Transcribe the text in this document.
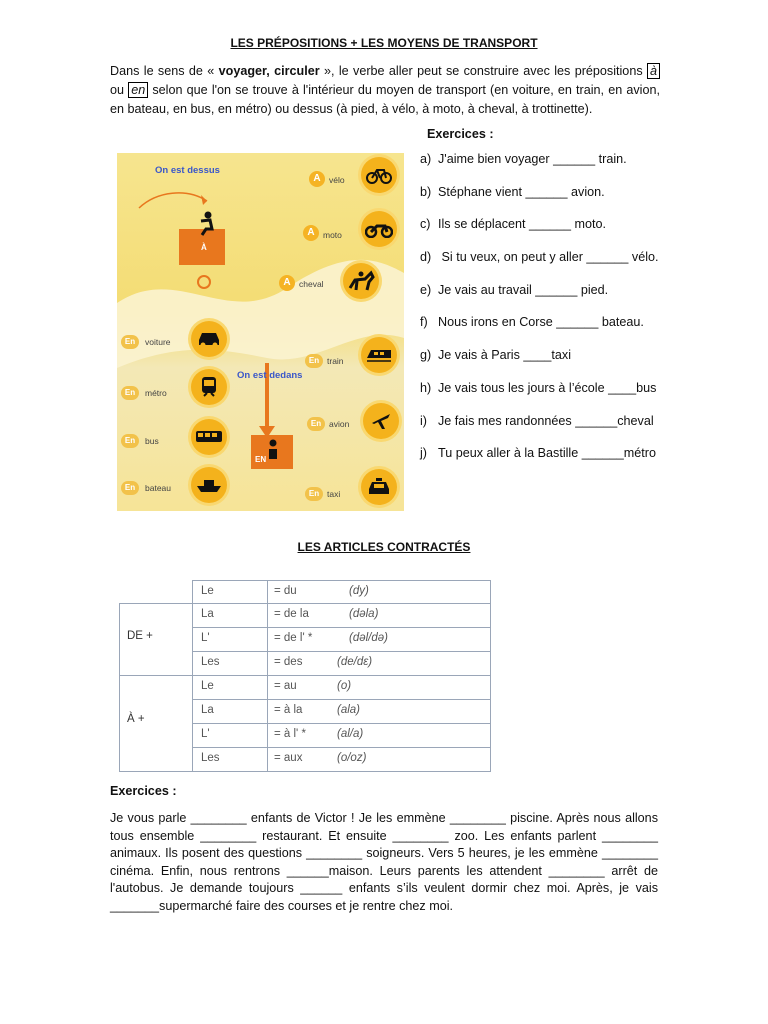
LES PRÉPOSITIONS + LES MOYENS DE TRANSPORT
Dans le sens de « voyager, circuler », le verbe aller peut se construire avec les prépositions à ou en selon que l'on se trouve à l'intérieur du moyen de transport (en voiture, en train, en avion, en bateau, en bus, en métro) ou dessus (à pied, à vélo, à moto, à cheval, à trottinette).
Exercices :
a) J'aime bien voyager ______ train.
b) Stéphane vient ______ avion.
c) Ils se déplacent ______ moto.
d) Si tu veux, on peut y aller ______ vélo.
e) Je vais au travail ______ pied.
f) Nous irons en Corse ______ bateau.
g) Je vais à Paris ____taxi
h) Je vais tous les jours à l’école ____bus
i) Je fais mes randonnées ______cheval
j) Tu peux aller à la Bastille ______métro
On est dessus
On est dedans
À
EN
A vélo
A moto
A cheval
En	voiture
En	métro
En	bus
En	bateau
En train
En avion
En taxi
LES ARTICLES CONTRACTÉS
DE +
À +
Le	= du	(dy)
La	= de la	(dəla)
L'	= de l' *	(dəl/də)
Les	= des	(de/dɛ)
Le	= au	(o)
La	= à la	(ala)
L'	= à l' *	(al/a)
Les	= aux	(o/oz)
Exercices :
Je vous parle ________ enfants de Victor ! Je les emmène ________ piscine. Après nous allons tous ensemble ________ restaurant. Et ensuite ________ zoo. Les enfants parlent ________ animaux. Ils posent des questions ________ soigneurs. Vers 5 heures, je les emmène ________ cinéma. Enfin, nous rentrons ______maison. Leurs parents les attendent ________ arrêt de l'autobus. Je demande toujours ______ enfants s’ils veulent dormir chez moi. Après, je vais _______supermarché faire des courses et je rentre chez moi.
